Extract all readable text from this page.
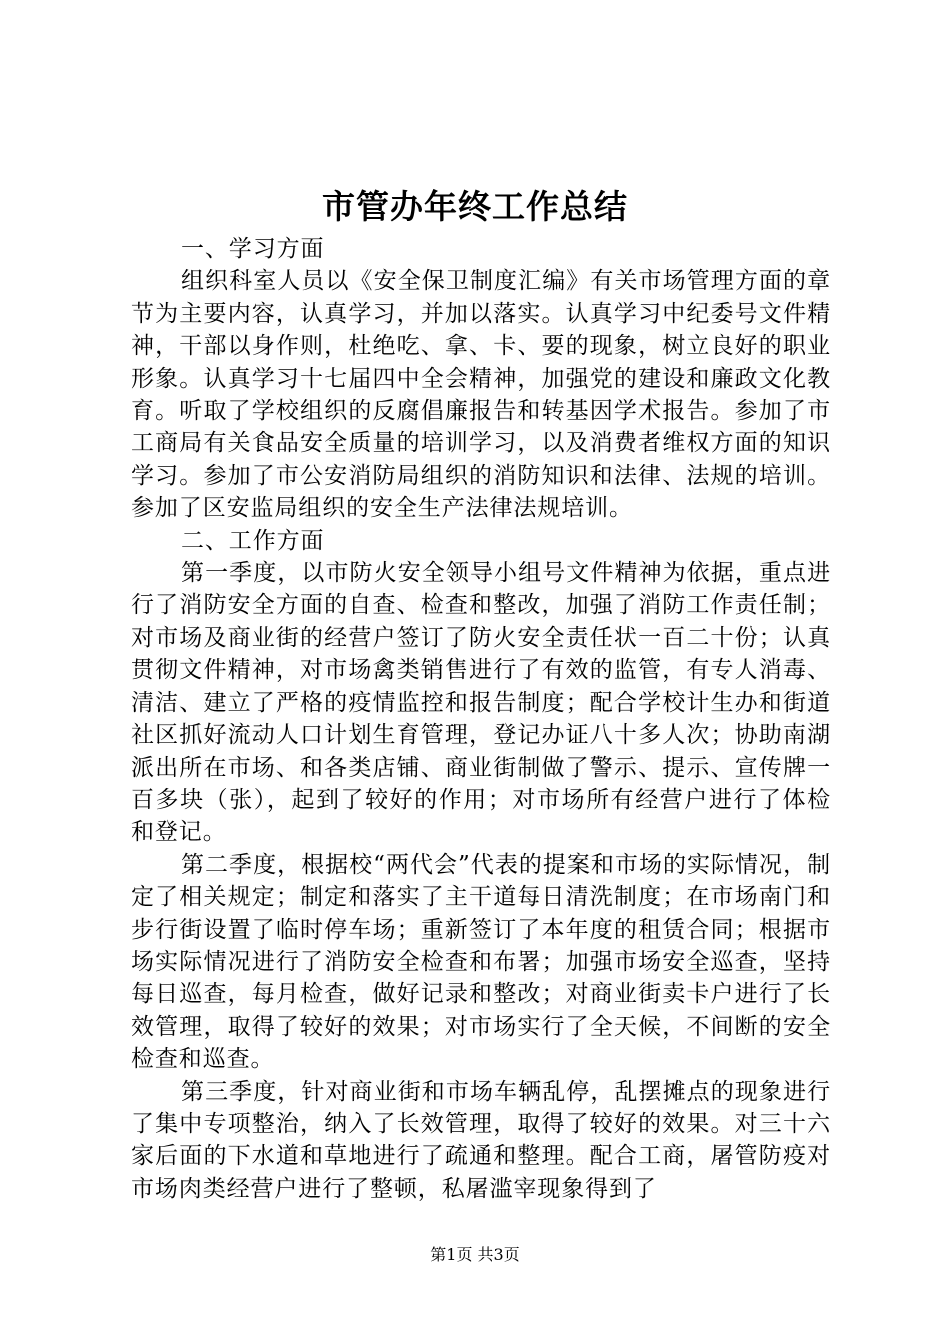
市管办年终工作总结

一、学习方面

组织科室人员以《安全保卫制度汇编》有关市场管理方面的章节为主要内容，认真学习，并加以落实。认真学习中纪委号文件精神，干部以身作则，杜绝吃、拿、卡、要的现象，树立良好的职业形象。认真学习十七届四中全会精神，加强党的建设和廉政文化教育。听取了学校组织的反腐倡廉报告和转基因学术报告。参加了市工商局有关食品安全质量的培训学习，以及消费者维权方面的知识学习。参加了市公安消防局组织的消防知识和法律、法规的培训。参加了区安监局组织的安全生产法律法规培训。

二、工作方面

第一季度，以市防火安全领导小组号文件精神为依据，重点进行了消防安全方面的自查、检查和整改，加强了消防工作责任制；对市场及商业街的经营户签订了防火安全责任状一百二十份；认真贯彻文件精神，对市场禽类销售进行了有效的监管，有专人消毒、清洁、建立了严格的疫情监控和报告制度；配合学校计生办和街道社区抓好流动人口计划生育管理，登记办证八十多人次；协助南湖派出所在市场、和各类店铺、商业街制做了警示、提示、宣传牌一百多块（张），起到了较好的作用；对市场所有经营户进行了体检和登记。

第二季度，根据校“两代会”代表的提案和市场的实际情况，制定了相关规定；制定和落实了主干道每日清洗制度；在市场南门和步行街设置了临时停车场；重新签订了本年度的租赁合同；根据市场实际情况进行了消防安全检查和布署；加强市场安全巡查，坚持每日巡查，每月检查，做好记录和整改；对商业街卖卡户进行了长效管理，取得了较好的效果；对市场实行了全天候，不间断的安全检查和巡查。

第三季度，针对商业街和市场车辆乱停，乱摆摊点的现象进行了集中专项整治，纳入了长效管理，取得了较好的效果。对三十六家后面的下水道和草地进行了疏通和整理。配合工商，屠管防疫对市场肉类经营户进行了整顿，私屠滥宰现象得到了

第1页 共3页
